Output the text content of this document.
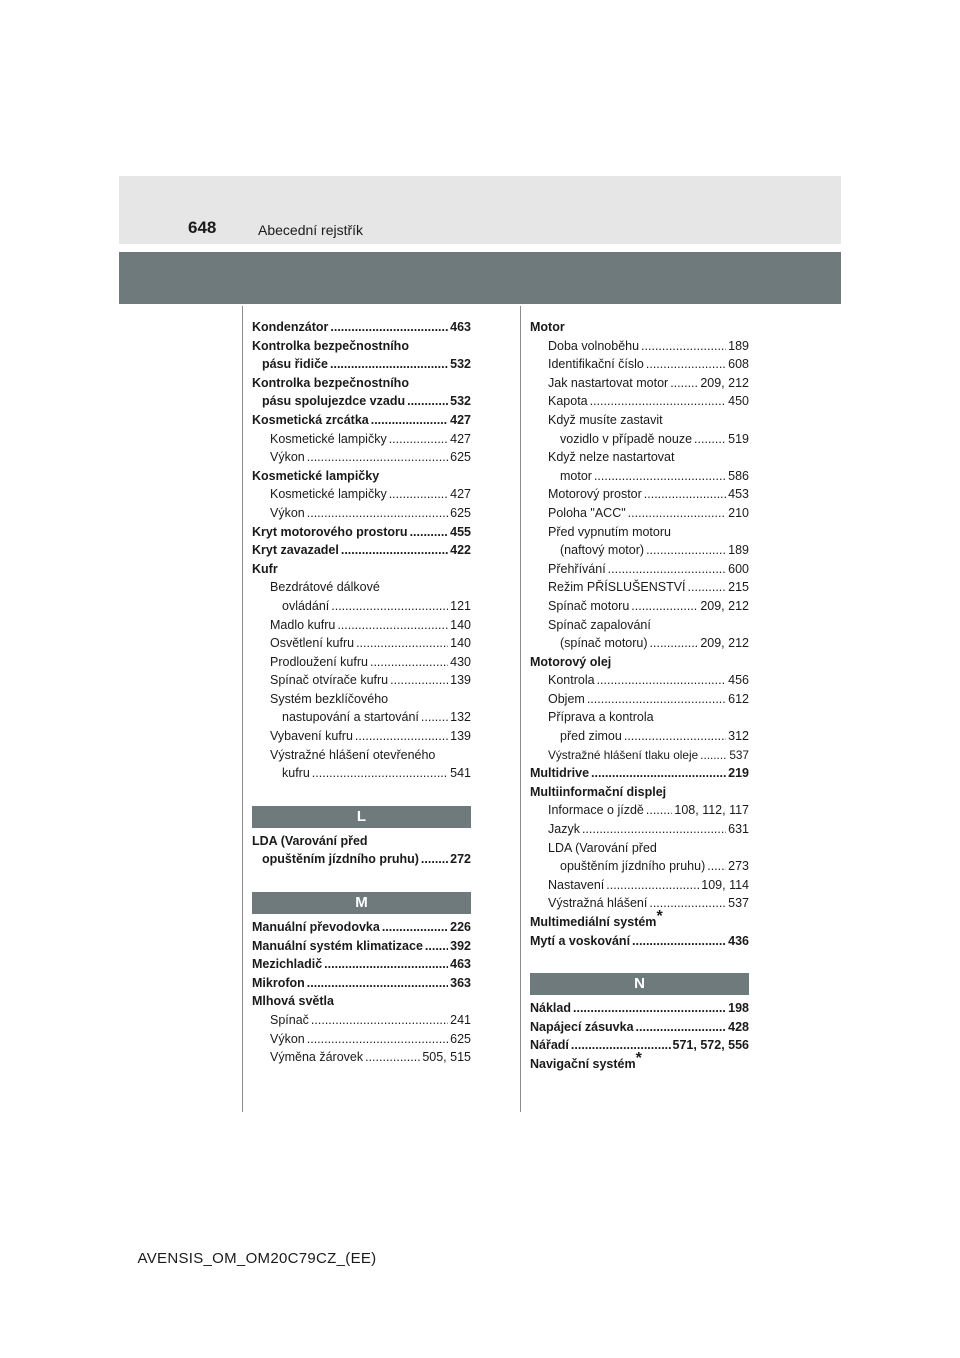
648	Abecední rejstřík
Kondenzátor .....	463
Kontrolka bezpečnostního
pásu řidiče .....	532
Kontrolka bezpečnostního
pásu spolujezdce vzadu .....	532
Kosmetická zrcátka .....	427
Kosmetické lampičky .....	427
Výkon .....	625
Kosmetické lampičky
Kosmetické lampičky .....	427
Výkon .....	625
Kryt motorového prostoru .....	455
Kryt zavazadel .....	422
Kufr
Bezdrátové dálkové
ovládání .....	121
Madlo kufru .....	140
Osvětlení kufru .....	140
Prodloužení kufru .....	430
Spínač otvírače kufru .....	139
Systém bezklíčového
nastupování a startování ..... 132
Vybavení kufru .....	139
Výstražné hlášení otevřeného
kufru .....	541
L
LDA (Varování před
opuštěním jízdního pruhu) ..... 272
M
Manuální převodovka .....	226
Manuální systém klimatizace ..... 392
Mezichladič .....	463
Mikrofon .....	363
Mlhová světla
Spínač .....	241
Výkon .....	625
Výměna žárovek .....	505, 515
Motor
Doba volnoběhu .....	189
Identifikační číslo .....	608
Jak nastartovat motor .....	209, 212
Kapota .....	450
Když musíte zastavit
vozidlo v případě nouze .....	519
Když nelze nastartovat
motor .....	586
Motorový prostor .....	453
Poloha "ACC" .....	210
Před vypnutím motoru
(naftový motor) .....	189
Přehřívání .....	600
Režim PŘÍSLUŠENSTVÍ .....	215
Spínač motoru .....	209, 212
Spínač zapalování
(spínač motoru) .....	209, 212
Motorový olej
Kontrola .....	456
Objem .....	612
Příprava a kontrola
před zimou .....	312
Výstražné hlášení tlaku oleje .....	537
Multidrive .....	219
Multiinformační displej
Informace o jízdě ..... 108, 112, 117
Jazyk .....	631
LDA (Varování před
opuštěním jízdního pruhu) ..... 273
Nastavení .....	109, 114
Výstražná hlášení .....	537
Multimediální systém *
Mytí a voskování .....	436
N
Náklad .....	198
Napájecí zásuvka .....	428
Nářadí .....	571, 572, 556
Navigační systém *
AVENSIS_OM_OM20C79CZ_(EE)
